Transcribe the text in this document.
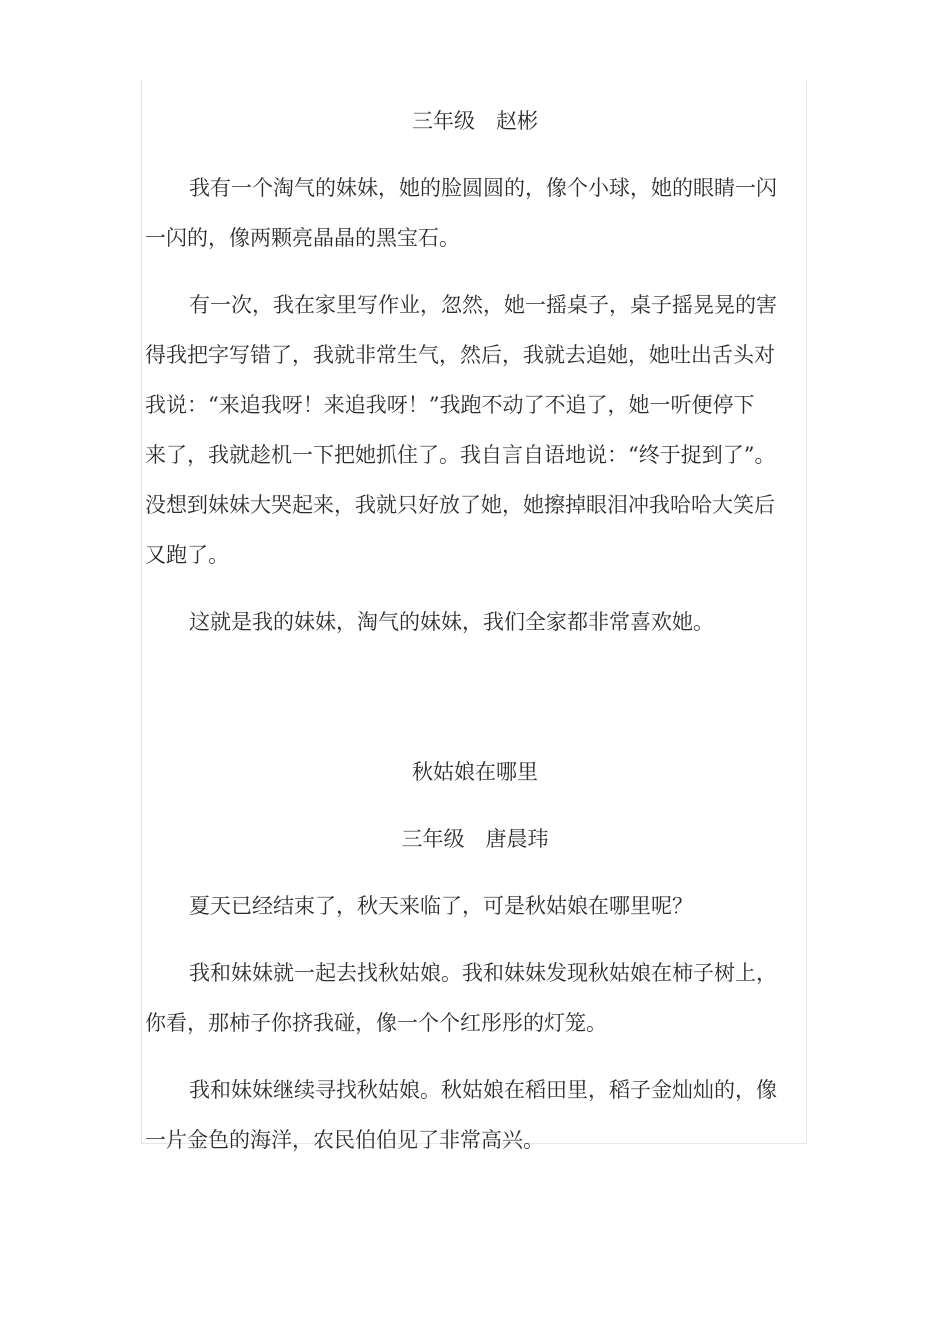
三年级　赵彬

我有一个淘气的妹妹，她的脸圆圆的，像个小球，她的眼睛一闪
一闪的，像两颗亮晶晶的黑宝石。

有一次，我在家里写作业，忽然，她一摇桌子，桌子摇晃晃的害
得我把字写错了，我就非常生气，然后，我就去追她，她吐出舌头对
我说：“来追我呀！来追我呀！”我跑不动了不追了，她一听便停下
来了，我就趁机一下把她抓住了。我自言自语地说：“终于捉到了”。
没想到妹妹大哭起来，我就只好放了她，她擦掉眼泪冲我哈哈大笑后
又跑了。

这就是我的妹妹，淘气的妹妹，我们全家都非常喜欢她。

秋姑娘在哪里
三年级　唐晨玮

夏天已经结束了，秋天来临了，可是秋姑娘在哪里呢？

我和妹妹就一起去找秋姑娘。我和妹妹发现秋姑娘在柿子树上，
你看，那柿子你挤我碰，像一个个红彤彤的灯笼。

我和妹妹继续寻找秋姑娘。秋姑娘在稻田里，稻子金灿灿的，像
一片金色的海洋，农民伯伯见了非常高兴。
